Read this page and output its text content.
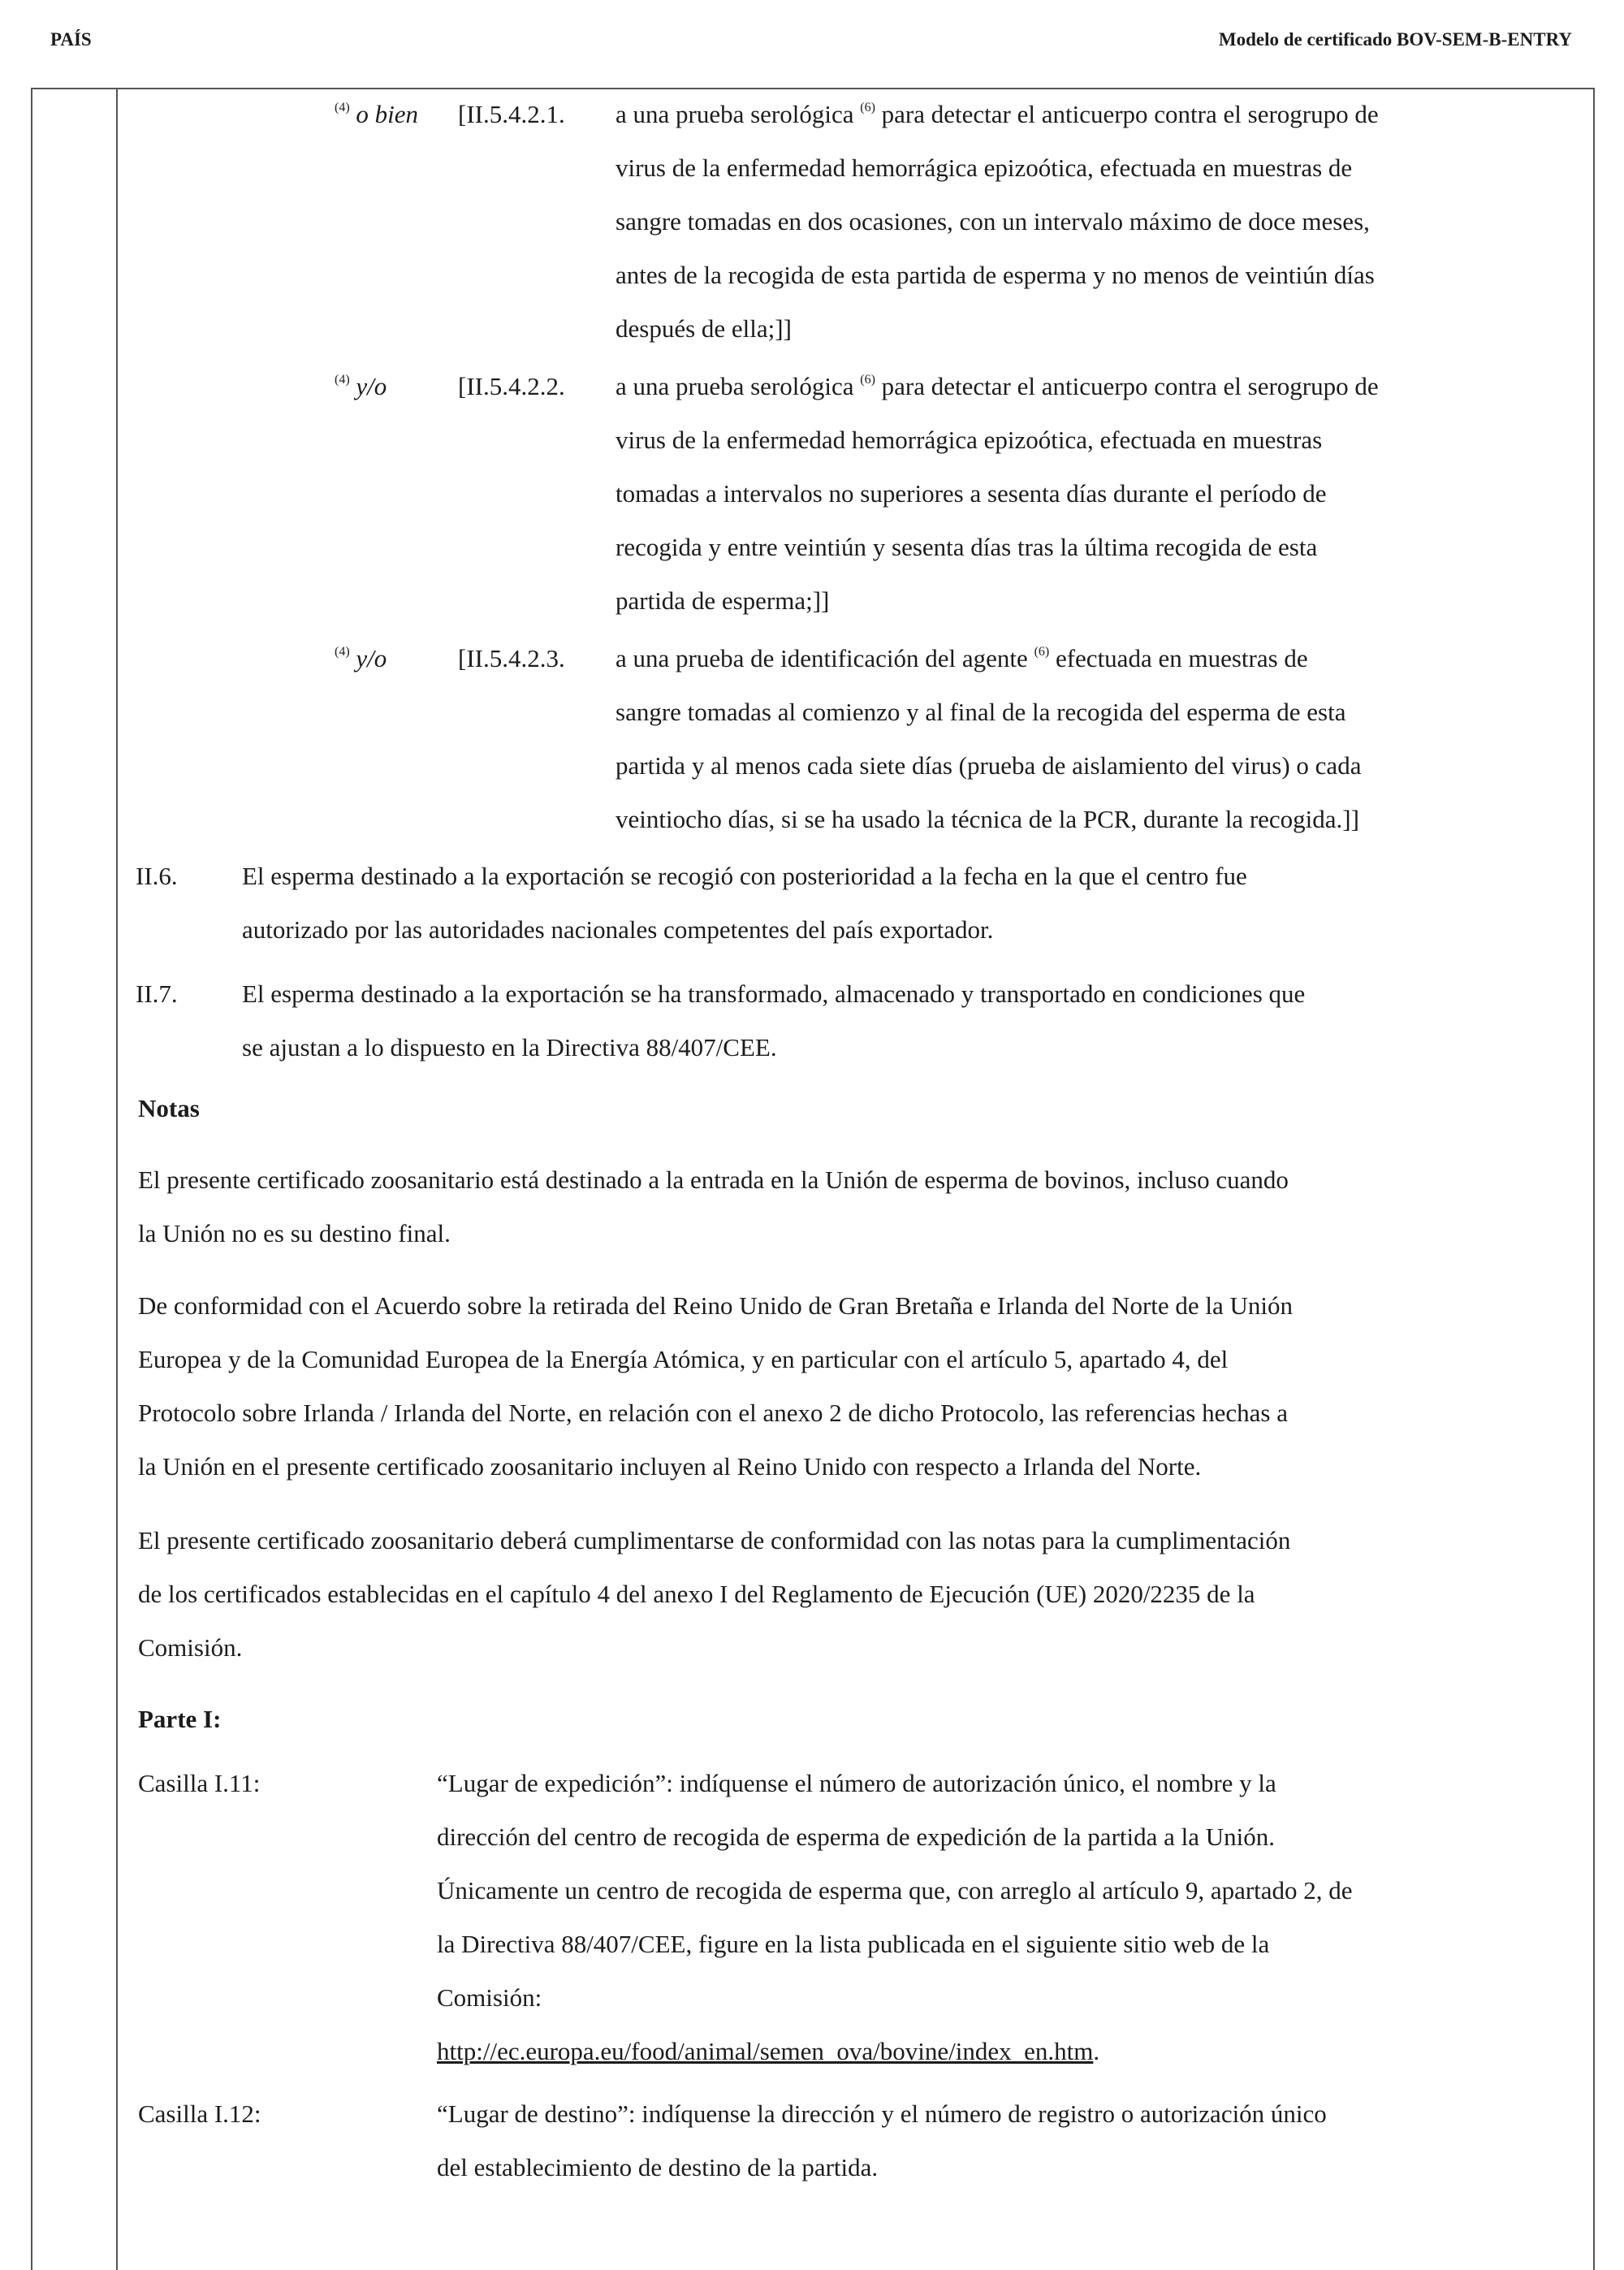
PAÍS	Modelo de certificado BOV-SEM-B-ENTRY
$^{(4)}$ o bien [II.5.4.2.1. a una prueba serológica $^{(6)}$ para detectar el anticuerpo contra el serogrupo de
virus de la enfermedad hemorrágica epizoótica, efectuada en muestras de
sangre tomadas en dos ocasiones, con un intervalo máximo de doce meses,
antes de la recogida de esta partida de esperma y no menos de veintiún días
después de ella;]]
$^{(4)}$ y/o	[II.5.4.2.2. a una prueba serológica $^{(6)}$ para detectar el anticuerpo contra el serogrupo de
virus de la enfermedad hemorrágica epizoótica, efectuada en muestras
tomadas a intervalos no superiores a sesenta días durante el período de
recogida y entre veintiún y sesenta días tras la última recogida de esta
partida de esperma;]]
$^{(4)}$ y/o	[II.5.4.2.3. a una prueba de identificación del agente $^{(6)}$ efectuada en muestras de
sangre tomadas al comienzo y al final de la recogida del esperma de esta
partida y al menos cada siete días (prueba de aislamiento del virus) o cada
veintiocho días, si se ha usado la técnica de la PCR, durante la recogida.]]
II.6.	El esperma destinado a la exportación se recogió con posterioridad a la fecha en la que el centro fue
autorizado por las autoridades nacionales competentes del país exportador.
II.7.	El esperma destinado a la exportación se ha transformado, almacenado y transportado en condiciones que
se ajustan a lo dispuesto en la Directiva 88/407/CEE.
Notas
El presente certificado zoosanitario está destinado a la entrada en la Unión de esperma de bovinos, incluso cuando
la Unión no es su destino final.
De conformidad con el Acuerdo sobre la retirada del Reino Unido de Gran Bretaña e Irlanda del Norte de la Unión
Europea y de la Comunidad Europea de la Energía Atómica, y en particular con el artículo 5, apartado 4, del
Protocolo sobre Irlanda / Irlanda del Norte, en relación con el anexo 2 de dicho Protocolo, las referencias hechas a
la Unión en el presente certificado zoosanitario incluyen al Reino Unido con respecto a Irlanda del Norte.
El presente certificado zoosanitario deberá cumplimentarse de conformidad con las notas para la cumplimentación
de los certificados establecidas en el capítulo 4 del anexo I del Reglamento de Ejecución (UE) 2020/2235 de la
Comisión.
Parte I:
Casilla I.11:	“Lugar de expedición”: indíquense el número de autorización único, el nombre y la
dirección del centro de recogida de esperma de expedición de la partida a la Unión.
Únicamente un centro de recogida de esperma que, con arreglo al artículo 9, apartado 2, de
la Directiva 88/407/CEE, figure en la lista publicada en el siguiente sitio web de la
Comisión:
http://ec.europa.eu/food/animal/semen_ova/bovine/index_en.htm.
Casilla I.12:	“Lugar de destino”: indíquense la dirección y el número de registro o autorización único
del establecimiento de destino de la partida.
